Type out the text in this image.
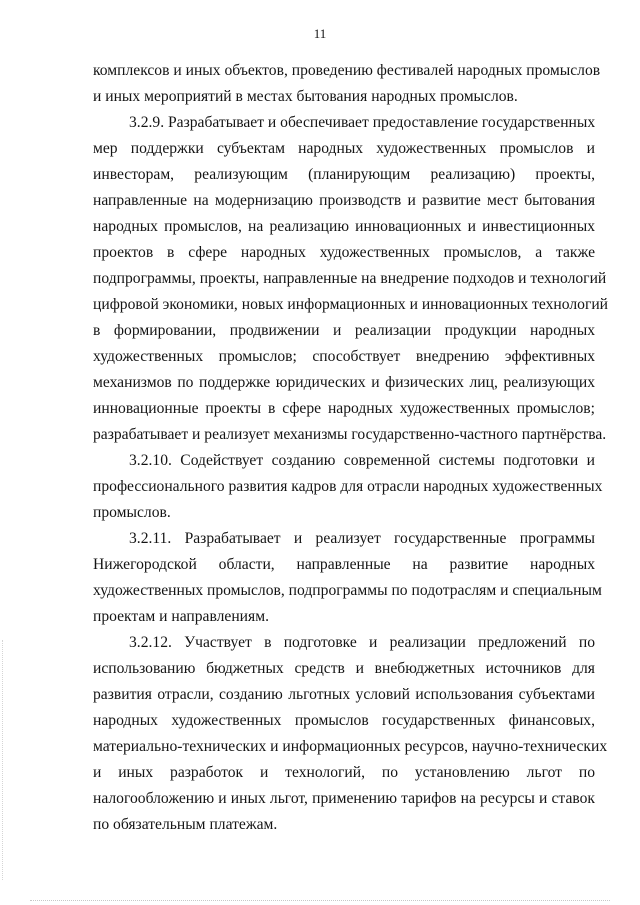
11
комплексов и иных объектов, проведению фестивалей народных промыслов
и иных мероприятий в местах бытования народных промыслов.
3.2.9. Разрабатывает и обеспечивает предоставление государственных
мер поддержки субъектам народных художественных промыслов и
инвесторам, реализующим (планирующим реализацию) проекты,
направленные на модернизацию производств и развитие мест бытования
народных промыслов, на реализацию инновационных и инвестиционных
проектов в сфере народных художественных промыслов, а также
подпрограммы, проекты, направленные на внедрение подходов и технологий
цифровой экономики, новых информационных и инновационных технологий
в формировании, продвижении и реализации продукции народных
художественных промыслов; способствует внедрению эффективных
механизмов по поддержке юридических и физических лиц, реализующих
инновационные проекты в сфере народных художественных промыслов;
разрабатывает и реализует механизмы государственно-частного партнёрства.
3.2.10. Содействует созданию современной системы подготовки и
профессионального развития кадров для отрасли народных художественных
промыслов.
3.2.11. Разрабатывает и реализует государственные программы
Нижегородской области, направленные на развитие народных
художественных промыслов, подпрограммы по подотраслям и специальным
проектам и направлениям.
3.2.12. Участвует в подготовке и реализации предложений по
использованию бюджетных средств и внебюджетных источников для
развития отрасли, созданию льготных условий использования субъектами
народных художественных промыслов государственных финансовых,
материально-технических и информационных ресурсов, научно-технических
и иных разработок и технологий, по установлению льгот по
налогообложению и иных льгот, применению тарифов на ресурсы и ставок
по обязательным платежам.
